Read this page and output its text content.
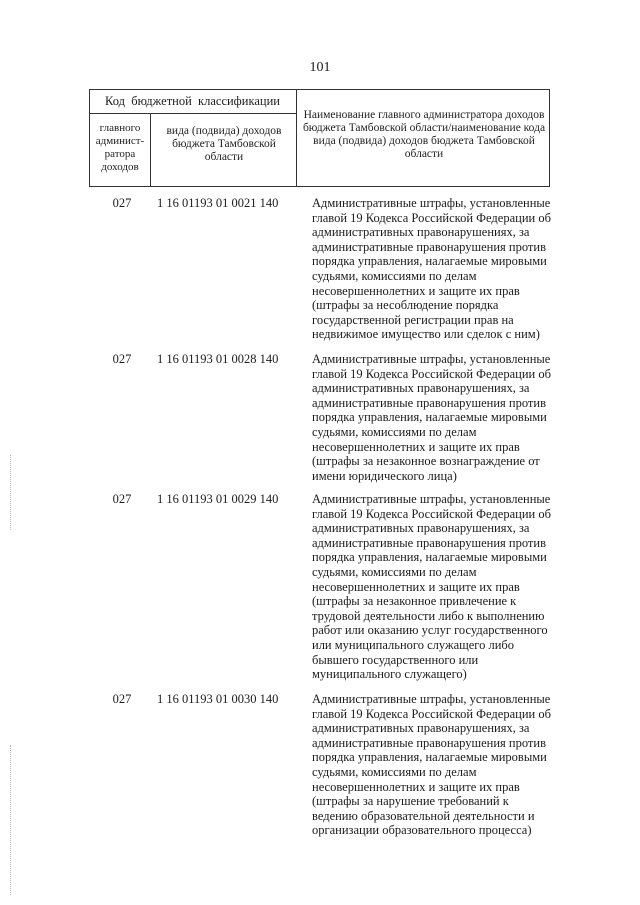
101
Код  бюджетной  классификации
главного админист-ратора доходов
вида (подвида) доходов бюджета Тамбовской области
Наименование главного администратора доходов бюджета Тамбовской области/наименование кода вида (подвида) доходов бюджета Тамбовской области
027	1 16 01193 01 0021 140	Административные штрафы, установленные главой 19 Кодекса Российской Федерации об административных правонарушениях, за административные правонарушения против порядка управления, налагаемые мировыми судьями, комиссиями по делам несовершеннолетних и защите их прав (штрафы за несоблюдение порядка государственной регистрации прав на недвижимое имущество или сделок с ним)
027	1 16 01193 01 0028 140	Административные штрафы, установленные главой 19 Кодекса Российской Федерации об административных правонарушениях, за административные правонарушения против порядка управления, налагаемые мировыми судьями, комиссиями по делам несовершеннолетних и защите их прав (штрафы за незаконное вознаграждение от имени юридического лица)
027	1 16 01193 01 0029 140	Административные штрафы, установленные главой 19 Кодекса Российской Федерации об административных правонарушениях, за административные правонарушения против порядка управления, налагаемые мировыми судьями, комиссиями по делам несовершеннолетних и защите их прав (штрафы за незаконное привлечение к трудовой деятельности либо к выполнению работ или оказанию услуг государственного или муниципального служащего либо бывшего государственного или муниципального служащего)
027	1 16 01193 01 0030 140	Административные штрафы, установленные главой 19 Кодекса Российской Федерации об административных правонарушениях, за административные правонарушения против порядка управления, налагаемые мировыми судьями, комиссиями по делам несовершеннолетних и защите их прав (штрафы за нарушение требований к ведению образовательной деятельности и организации образовательного процесса)
